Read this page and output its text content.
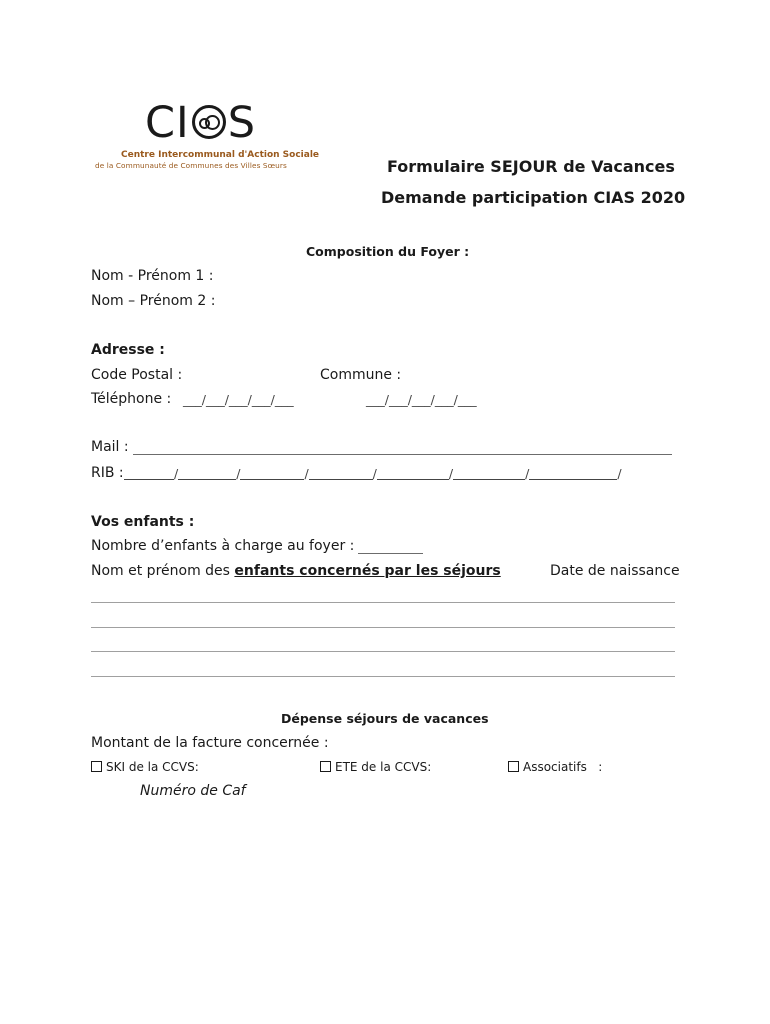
CI S
Centre Intercommunal d'Action Sociale
de la Communauté de Communes des Villes Sœurs	Formulaire SEJOUR de Vacances
Demande participation CIAS 2020
Composition du Foyer :
Nom - Prénom 1 :
Nom – Prénom 2 :
Adresse :
Code Postal :	Commune :
Téléphone : ___/___/___/___/___	___/___/___/___/___
Mail :
RIB :	/	/	/	/	/	/	/
Vos enfants :
Nombre d’enfants à charge au foyer :
Nom et prénom des enfants concernés par les séjours	Date de naissance
Dépense séjours de vacances
Montant de la facture concernée :
SKI de la CCVS:	ETE de la CCVS:	Associatifs   :
Numéro de Caf
